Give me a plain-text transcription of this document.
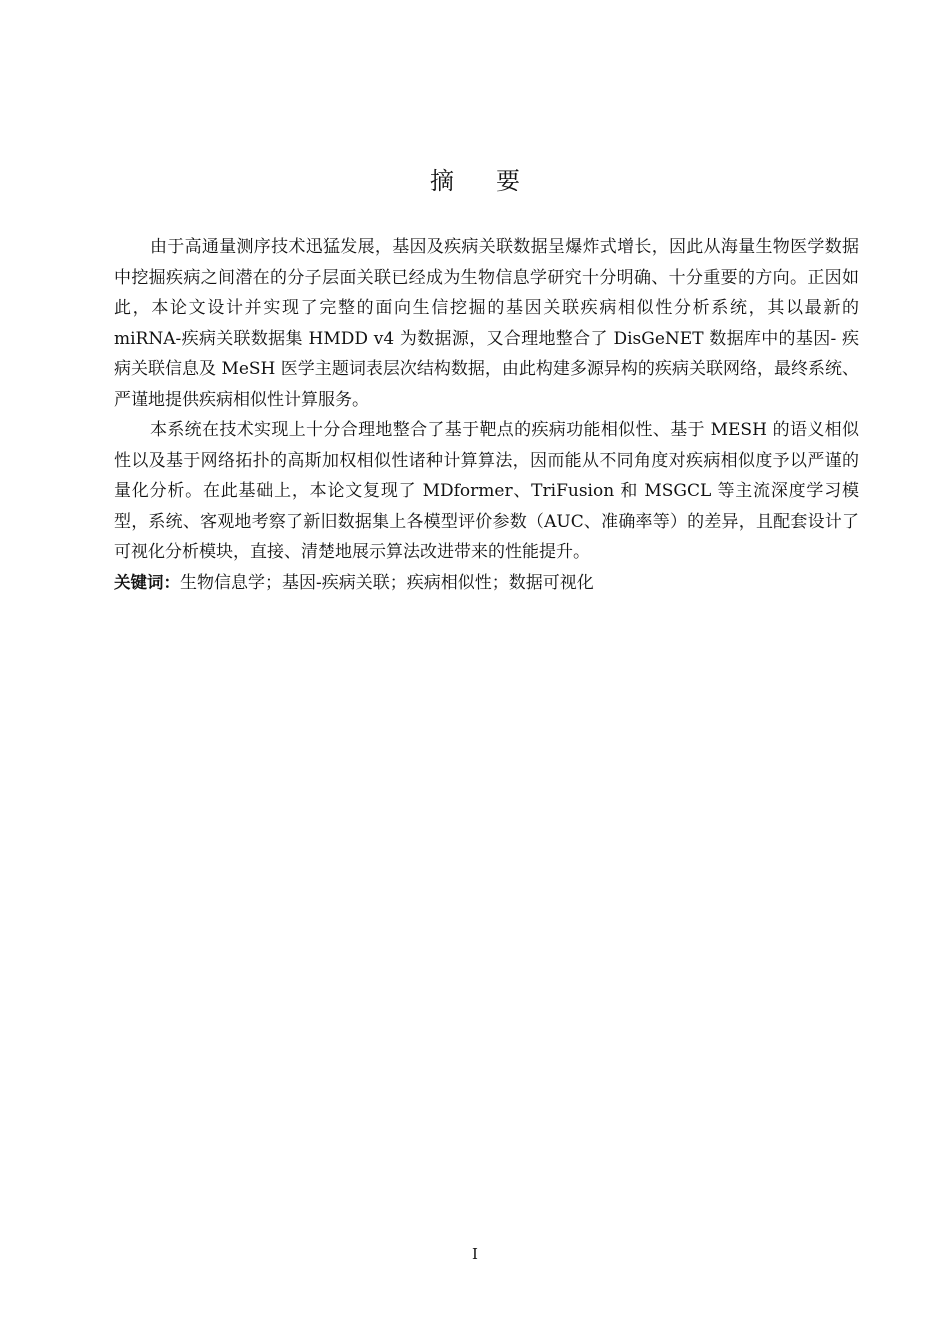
摘要

由于高通量测序技术迅猛发展，基因及疾病关联数据呈爆炸式增长，因此从海量生物医学数据中挖掘疾病之间潜在的分子层面关联已经成为生物信息学研究十分明确、十分重要的方向。正因如此，本论文设计并实现了完整的面向生信挖掘的基因关联疾病相似性分析系统，其以最新的 miRNA-疾病关联数据集 HMDD v4 为数据源，又合理地整合了 DisGeNET 数据库中的基因- 疾病关联信息及 MeSH 医学主题词表层次结构数据，由此构建多源异构的疾病关联网络，最终系统、严谨地提供疾病相似性计算服务。

本系统在技术实现上十分合理地整合了基于靶点的疾病功能相似性、基于 MESH 的语义相似性以及基于网络拓扑的高斯加权相似性诸种计算算法，因而能从不同角度对疾病相似度予以严谨的量化分析。在此基础上，本论文复现了 MDformer、TriFusion 和 MSGCL 等主流深度学习模型，系统、客观地考察了新旧数据集上各模型评价参数（AUC、准确率等）的差异，且配套设计了可视化分析模块，直接、清楚地展示算法改进带来的性能提升。

关键词：生物信息学；基因-疾病关联；疾病相似性；数据可视化

I
